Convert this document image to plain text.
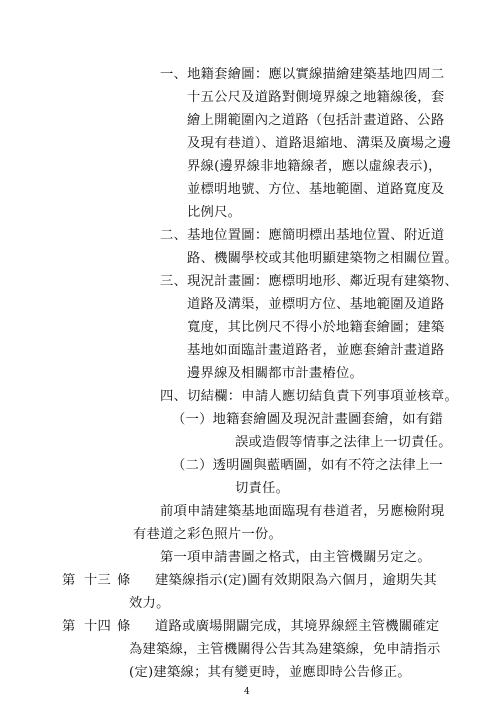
一、地籍套繪圖：應以實線描繪建築基地四周二
十五公尺及道路對側境界線之地籍線後，套
繪上開範圍內之道路（包括計畫道路、公路
及現有巷道）、道路退縮地、溝渠及廣場之邊
界線(邊界線非地籍線者，應以虛線表示)，
並標明地號、方位、基地範圍、道路寬度及
比例尺。
二、基地位置圖：應簡明標出基地位置、附近道
路、機關學校或其他明顯建築物之相關位置。
三、現況計畫圖：應標明地形、鄰近現有建築物、
道路及溝渠，並標明方位、基地範圍及道路
寬度，其比例尺不得小於地籍套繪圖；建築
基地如面臨計畫道路者，並應套繪計畫道路
邊界線及相關都市計畫樁位。
四、切結欄：申請人應切結負責下列事項並核章。
（一）地籍套繪圖及現況計畫圖套繪，如有錯
誤或造假等情事之法律上一切責任。
（二）透明圖與藍晒圖，如有不符之法律上一
切責任。
前項申請建築基地面臨現有巷道者，另應檢附現
有巷道之彩色照片一份。
第一項申請書圖之格式，由主管機關另定之。
第 十三 條 建築線指示(定)圖有效期限為六個月，逾期失其
效力。
第 十四 條 道路或廣場開闢完成，其境界線經主管機關確定
為建築線，主管機關得公告其為建築線，免申請指示
(定)建築線；其有變更時，並應即時公告修正。
4
